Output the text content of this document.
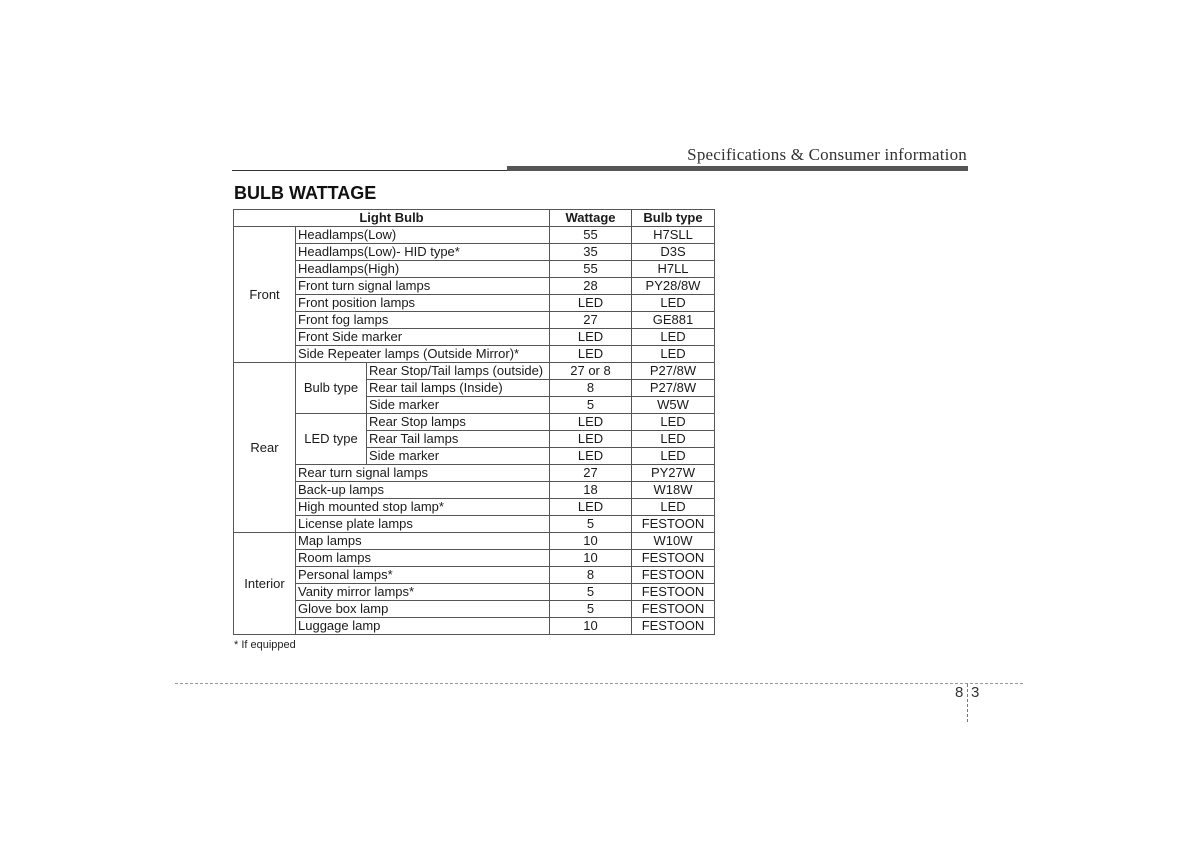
Specifications & Consumer information
BULB WATTAGE
Light Bulb			Wattage	Bulb type
Front	Headlamps(Low)		55	H7SLL
	Headlamps(Low)- HID type*		35	D3S
	Headlamps(High)		55	H7LL
	Front turn signal lamps		28	PY28/8W
	Front position lamps		LED	LED
	Front fog lamps		27	GE881
	Front Side marker		LED	LED
	Side Repeater lamps (Outside Mirror)*		LED	LED
Rear	Bulb type	Rear Stop/Tail lamps (outside)	27 or 8	P27/8W
		Rear tail lamps (Inside)	8	P27/8W
		Side marker	5	W5W
	LED type	Rear Stop lamps	LED	LED
		Rear Tail lamps	LED	LED
		Side marker	LED	LED
	Rear turn signal lamps		27	PY27W
	Back-up lamps		18	W18W
	High mounted stop lamp*		LED	LED
	License plate lamps		5	FESTOON
Interior	Map lamps		10	W10W
	Room lamps		10	FESTOON
	Personal lamps*		8	FESTOON
	Vanity mirror lamps*		5	FESTOON
	Glove box lamp		5	FESTOON
	Luggage lamp		10	FESTOON
* If equipped
8 3
